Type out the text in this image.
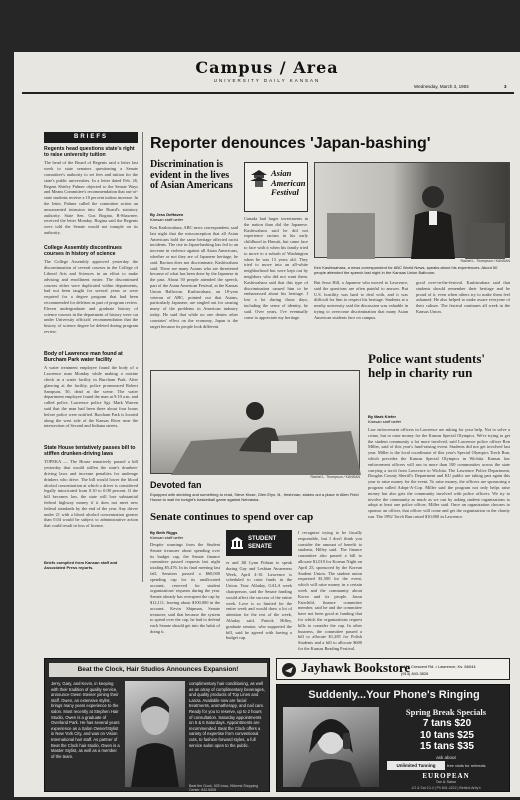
Campus / Area
UNIVERSITY DAILY KANSAN
Wednesday, March 3, 1993	3
BRIEFS
Regents head questions state's right to raise university tuition
The head of the Board of Regents said a letter last week to state senators questioning a Senate committee's authority to set fees and tuition for the state's public universities. In a letter dated Feb. 26, Regent Shirley Palmer objected to the Senate Ways and Means Committee's recommendation that out-of-state students receive a 10 percent tuition increase. In the letter, Palmer called the committee action an unwarranted intrusion into the Board's statutory authority. State Sen. Gus Bogina, R-Shawnee, received the letter Monday. Bogina said the Regents were told the Senate would not trample on its authority.
College Assembly discontinues courses in history of science
The College Assembly approved yesterday the discontinuation of several courses in the College of Liberal Arts and Sciences in an effort to make advising and enrollment easier. The discontinued courses either were duplicated within departments, had not been taught for several years or were required for a degree program that had been recommended for deletion as part of program review. Eleven undergraduate and graduate history of science courses in the department of history were cut under University officials' recommendation that the history of science degree be deleted during program review.
Body of Lawrence man found at Burcham Park water facility
A water treatment employee found the body of a Lawrence man Monday while making a routine check at a water facility in Burcham Park. After glancing at the facility, police pronounced Robert Sampson, 50, dead at the scene. The water department employee found the man at 9:10 a.m. and called police. Lawrence police Sgt. Mark Warren said that the man had been there about four hours before police were notified. Burcham Park is located along the west side of the Kansas River near the intersection of Second and Indiana streets.
State House tentatively passes bill to stiffen drunken-driving laws
TOPEKA — The House tentatively passed a bill yesterday that would stiffen the state's drunken-driving laws and increase penalties for underage drinkers who drive. The bill would lower the blood alcohol concentration at which a driver is considered legally intoxicated from 0.10 to 0.08 percent. If the bill becomes law, the state will lose substantial federal highway money if it does not meet new federal standards by the end of the year. Any driver under 21 with a blood alcohol concentration greater than 0.04 would be subject to administrative action that could result in loss of license.
Briefs compiled from Kansan staff and Associated Press reports.
Reporter denounces 'Japan-bashing'
Discrimination is evident in the lives of Asian Americans
By Jess DeHaven
Kansan staff writer
Ken Kashiwahara, ABC news correspondent, said last night that the misconception that all Asian Americans hold the same heritage affected racist incidents. The rise in Japan-bashing has led to an increase in violence against all Asian Americans, whether or not they are of Japanese heritage, he said. Racism does not discriminate, Kashiwahara said. There are many Asians who are threatened because of what has been done by the Japanese in the past. About 50 people attended the speech, part of the Asian American Festival, at the Kansas Union Ballroom. Kashiwahara, an 18-year veteran of ABC, pointed out that Asians, particularly Japanese, are singled out for causing many of the problems in American industry today. He said that while no one denies other countries' effect on the economy, Japan is the target because its people look different.
Asian
American
Festival
Canada had larger investments in the nation than did the Japanese. Kashiwahara said he did not experience racism in his early childhood in Hawaii, but came face to face with it when his family tried to move to a suburb of Washington when he was 13 years old. They tried to move into an all-white neighborhood but were kept out by neighbors who did not want them. Kashiwahara said that this type of discrimination caused him to be embarrassed about his heritage. I lost a lot during those days, including the sense of identity, he said. Over years, I've eventually come to appreciate my heritage.
Rachel L. Thompson / KANSAN
Ken Kashiwahara, a news correspondent for ABC World News, speaks about his experiences. About 50 people attended the speech last night in the Kansas Union Ballroom.
But Jesse Hill, a Japanese who moved to Lawrence, said the questions are often painful to answer. But U.S. hostility was hard to deal with, and it was difficult for him to respect his heritage. Students at a nearby university said the discussion was valuable in trying to overcome discrimination that many Asian American students face on campus.
good over-in-the-festival. Kashiwahara said that students should remember their heritage and be proud of it, even when others try to make them feel ashamed. He also helped to make aware everyone of their culture. The festival continues all week in the Kansas Union.
Rachel L. Thompson / KANSAN
Devoted fan
Equipped with sledding and something to read, Steve Klose, Glen Elyn, Ill., freshman, stakes out a place in Allen Field House to wait for tonight's basketball game against Nebraska.
Police want students' help in charity run
By Mark Kiefer
Kansan staff writer
Law enforcement officers in Lawrence are asking for your help. Not to solve a crime, but to raise money for the Kansas Special Olympics. We're trying to get the student community a lot more involved, said Lawrence police officer Ron Miller, said of this year's fund-raising event. Students did not get involved last year. Miller is the local coordinator of this year's Special Olympics Torch Run, which precedes the Kansas Special Olympics in Wichita. Kansas law enforcement officers will run in more than 100 communities across the state carrying a torch from Lawrence to Wichita. The Lawrence Police Department, Douglas County Sheriff's Department and KU public are taking part again this year to raise money for the event. To raise money, the officers are sponsoring a program called Adopt-A-Cop. Miller said the program not only helps raise money but also gets the community involved with police officers. We try to involve the community as much as we can by asking student organizations to adopt at least one police officer, Miller said. Once an organization chooses to sponsor an officer, that officer will come and get the organization in the charity run. The 1992 Torch Run raised $10,000 in Lawrence.
Senate continues to spend over cap
By Beth Riggs
Kansan staff writer
Despite warnings from the Student Senate treasurer about spending over its budget cap, the Senate finance committee passed requests last night totaling $5,476. In its final meeting last fall, Senators passed a $60,000 spending cap for its unallocated account, reserved for student organizations' requests during the year. Senate already has overspent the cap by $12,111, leaving about $100,000 in the account. Kevin Shipman, Senate treasurer, said that because the system to spend over the cap, he had to defend each Senate should get into the habit of doing it.
STUDENT SENATE
er and Jill Lynn Fithian to speak during Gay and Lesbian Awareness Week, April 4-10. Lawrence is scheduled to raise funds in the Union. Your Alfaday, GALA week chairperson, said the Senate funding would affect the success of the entire week. Love is so limited for the entire week and would draw a lot of attention for the rest of the week, Alfaday said. Patrick Hilley, graduate senator, who supported the bill, said he agreed with having a budget cap.
I recognize trying to be fiscally responsible, but I don't think you consider the amount of benefit to students, Hilley said. The finance committee also passed a bill to allocate $1,010 for Korean Night on April 25, sponsored by the Korean Student Union. The student union requested $1,500 for the event, which will raise money in a certain week and the community about Korea and its people. Jason Fairchild, finance committee member, said he and the committee have not been good at funding that for which the organizations request bills to consider the cap. In other business, the committee passed a bill to allocate $1,285 for Polish Students and a bill to allocate $600 for the Kansas Reading Festival.
Beat the Clock, Hair Studios Announces Expansion!
Jerry, Gary, and Kevin, in keeping with their tradition of quality service, announce Owen Steiner joining their staff. Owen, an extensive stylist, brings many years experience to the salon. Most recently at Stephen Hair Studio, Owen is a graduate of Overland Park. He has several years experience as a Salon Owner/Stylist in New York City, and was on Vision International hair staff. As partner of Beat the Clock hair studio, Owen is a Master Stylist, as well as a member of the team.
complimentary hair conditioning, as well as an array of complimentary beverages, and quality products of Top Lines and Lanza. Available now are facial treatments, aromatherapy, and nail care. Ready for you to reserve, up to 2 hours of consultation. Saturday appointments on 5 & 6 Saturdays. Appointments are recommended. Beat the Clock offers a variety of expertise from conventional cuts, to fashion-forward styles, a full service salon open to the public.
Beat the Clock, 925 Iowa, Hillcrest Shopping Center, 842-5005
Jayhawk Bookstore
1420 Crescent Rd. • Lawrence, Ks. 66044
(913) 843-3826
Suddenly...Your Phone's Ringing
Spring Break Specials
7 tans $20
10 tans $25
15 tans $35
ask about
Unlimited Tanning	free visits for referrals
EUROPEAN
Tan & Salon
1/2 & Sat 10-4 | Ph 841-4222 | Behind Arby's
